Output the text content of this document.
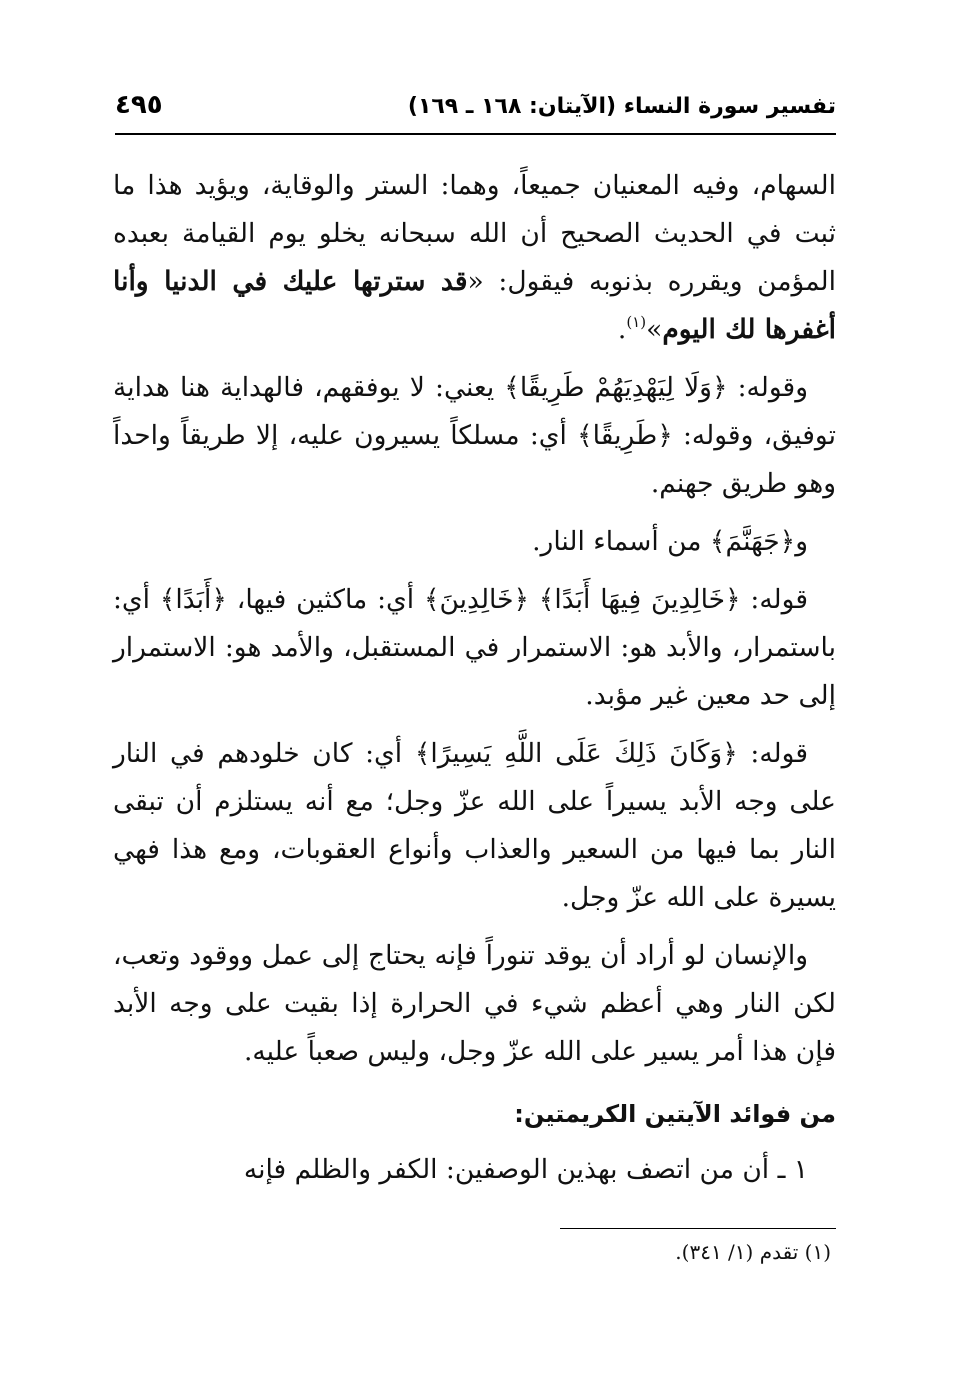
تفسير سورة النساء (الآيتان: ١٦٨ ـ ١٦٩)
٤٩٥

السهام، وفيه المعنيان جميعاً، وهما: الستر والوقاية، ويؤيد هذا ما ثبت في الحديث الصحيح أن الله سبحانه يخلو يوم القيامة بعبده المؤمن ويقرره بذنوبه فيقول: «قد سترتها عليك في الدنيا وأنا أغفرها لك اليوم»$^{(١)}$.

وقوله: ﴿وَلَا لِيَهْدِيَهُمْ طَرِيقًا﴾ يعني: لا يوفقهم، فالهداية هنا هداية توفيق، وقوله: ﴿طَرِيقًا﴾ أي: مسلكاً يسيرون عليه، إلا طريقاً واحداً وهو طريق جهنم.

و﴿جَهَنَّمَ﴾ من أسماء النار.

قوله: ﴿خَالِدِينَ فِيهَا أَبَدًا﴾ ﴿خَالِدِينَ﴾ أي: ماكثين فيها، ﴿أَبَدًا﴾ أي: باستمرار، والأبد هو: الاستمرار في المستقبل، والأمد هو: الاستمرار إلى حد معين غير مؤبد.

قوله: ﴿وَكَانَ ذَلِكَ عَلَى اللَّهِ يَسِيرًا﴾ أي: كان خلودهم في النار على وجه الأبد يسيراً على الله عزّ وجل؛ مع أنه يستلزم أن تبقى النار بما فيها من السعير والعذاب وأنواع العقوبات، ومع هذا فهي يسيرة على الله عزّ وجل.

والإنسان لو أراد أن يوقد تنوراً فإنه يحتاج إلى عمل ووقود وتعب، لكن النار وهي أعظم شيء في الحرارة إذا بقيت على وجه الأبد فإن هذا أمر يسير على الله عزّ وجل، وليس صعباً عليه.

من فوائد الآيتين الكريمتين:

١ ـ أن من اتصف بهذين الوصفين: الكفر والظلم فإنه

(١) تقدم (١/ ٣٤١).
